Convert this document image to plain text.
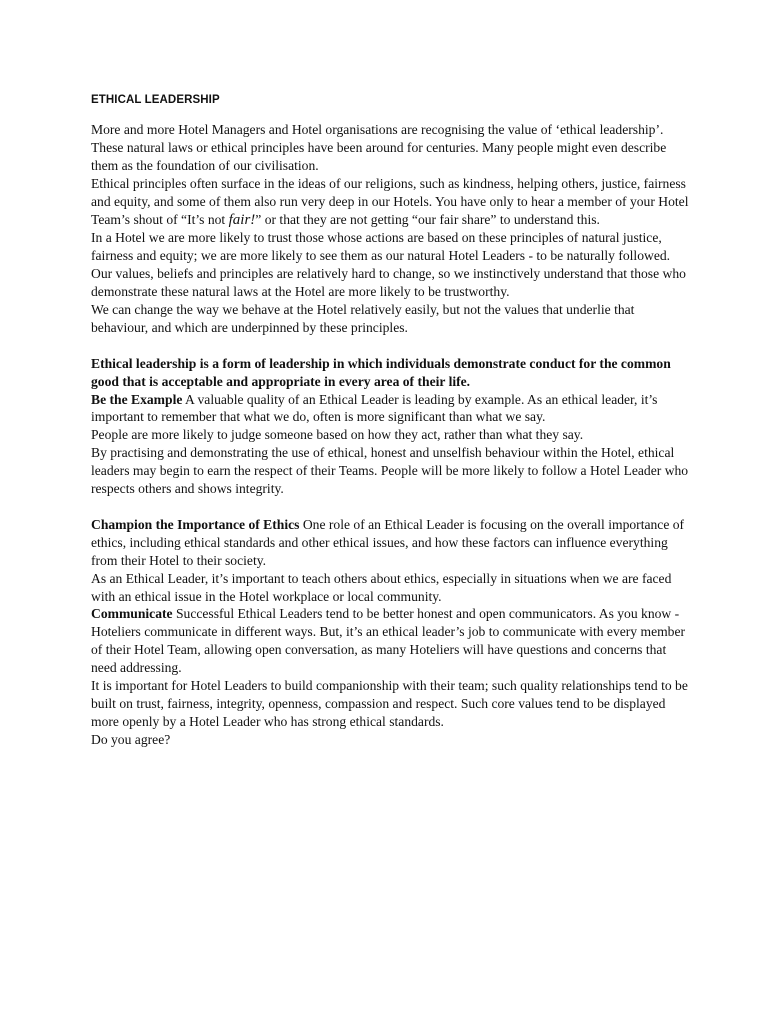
ETHICAL LEADERSHIP

More and more Hotel Managers and Hotel organisations are recognising the value of ‘ethical leadership’.

These natural laws or ethical principles have been around for centuries. Many people might even describe them as the foundation of our civilisation.

Ethical principles often surface in the ideas of our religions, such as kindness, helping others, justice, fairness and equity, and some of them also run very deep in our Hotels. You have only to hear a member of your Hotel Team’s shout of “It’s not fair!” or that they are not getting “our fair share” to understand this.

In a Hotel we are more likely to trust those whose actions are based on these principles of natural justice, fairness and equity; we are more likely to see them as our natural Hotel Leaders - to be naturally followed.

Our values, beliefs and principles are relatively hard to change, so we instinctively understand that those who demonstrate these natural laws at the Hotel are more likely to be trustworthy.

We can change the way we behave at the Hotel relatively easily, but not the values that underlie that behaviour, and which are underpinned by these principles.

Ethical leadership is a form of leadership in which individuals demonstrate conduct for the common good that is acceptable and appropriate in every area of their life.

Be the Example A valuable quality of an Ethical Leader is leading by example. As an ethical leader, it’s important to remember that what we do, often is more significant than what we say.

People are more likely to judge someone based on how they act, rather than what they say.

By practising and demonstrating the use of ethical, honest and unselfish behaviour within the Hotel, ethical leaders may begin to earn the respect of their Teams. People will be more likely to follow a Hotel Leader who respects others and shows integrity.

Champion the Importance of Ethics One role of an Ethical Leader is focusing on the overall importance of ethics, including ethical standards and other ethical issues, and how these factors can influence everything from their Hotel to their society.

As an Ethical Leader, it’s important to teach others about ethics, especially in situations when we are faced with an ethical issue in the Hotel workplace or local community.

Communicate Successful Ethical Leaders tend to be better honest and open communicators. As you know - Hoteliers communicate in different ways. But, it’s an ethical leader’s job to communicate with every member of their Hotel Team, allowing open conversation, as many Hoteliers will have questions and concerns that need addressing.

It is important for Hotel Leaders to build companionship with their team; such quality relationships tend to be built on trust, fairness, integrity, openness, compassion and respect. Such core values tend to be displayed more openly by a Hotel Leader who has strong ethical standards.

Do you agree?
